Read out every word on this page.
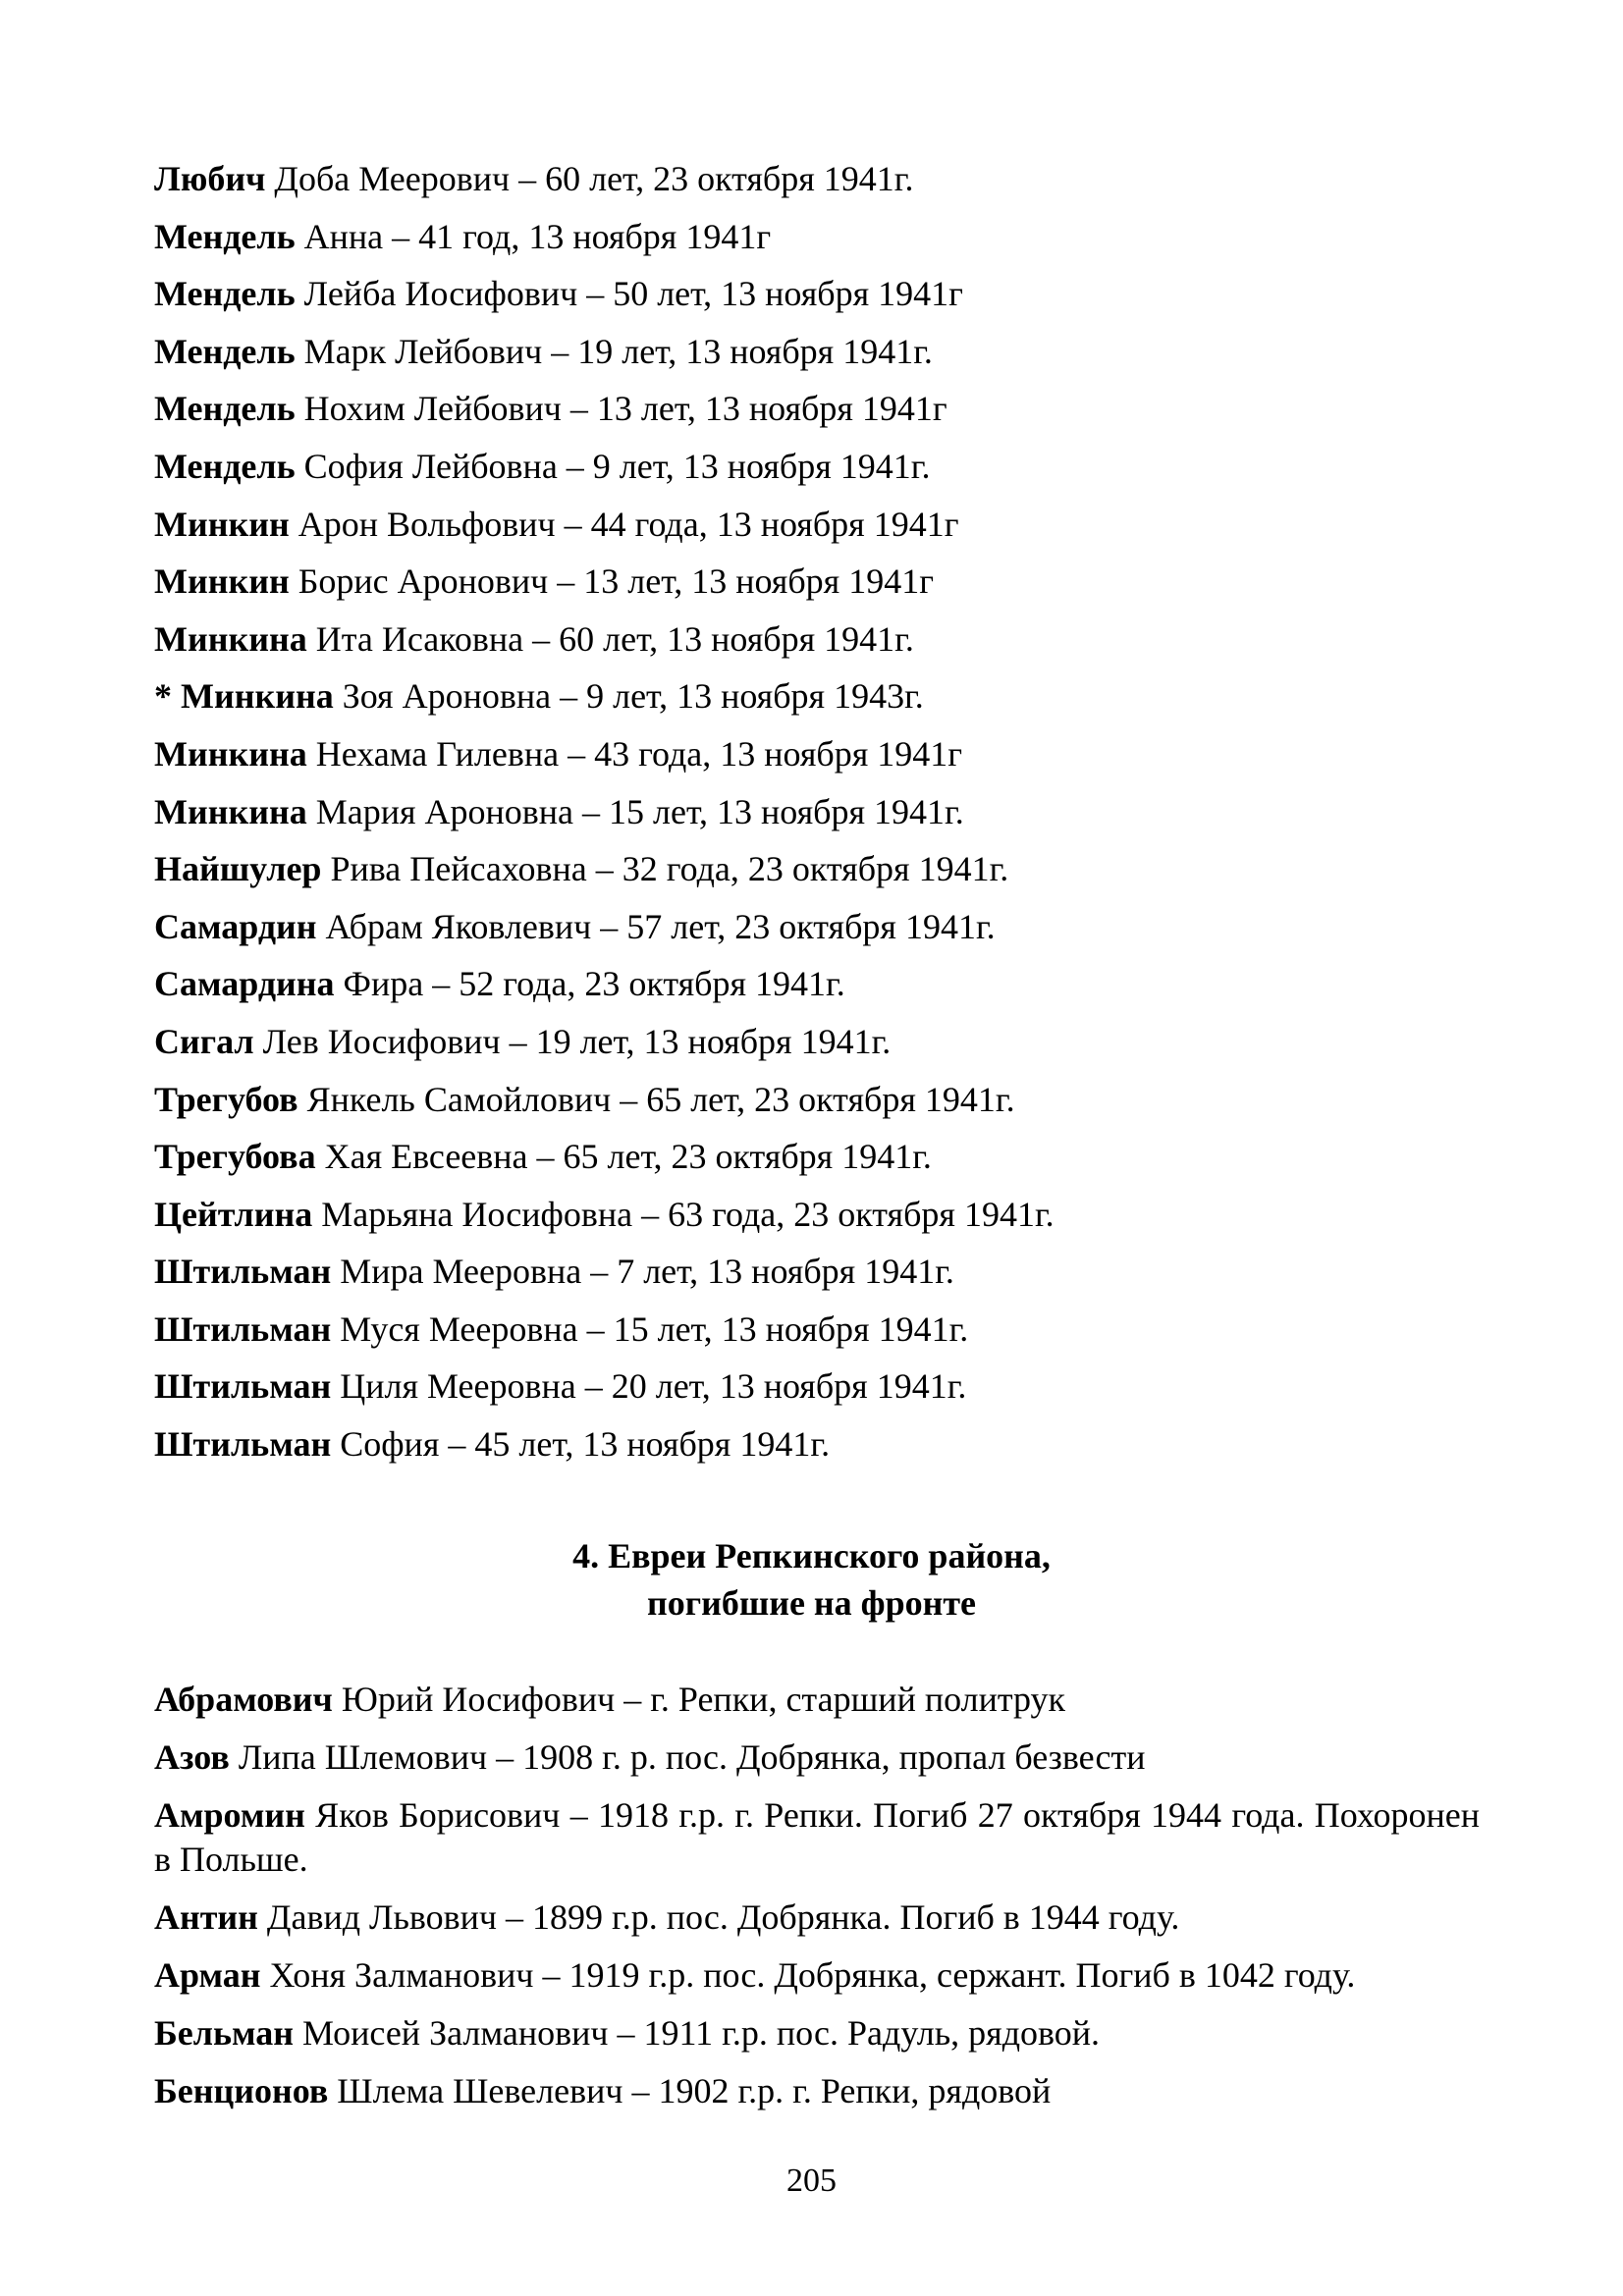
Любич Доба Меерович – 60 лет, 23 октября 1941г.
Мендель Анна – 41 год, 13 ноября 1941г
Мендель Лейба Иосифович – 50 лет, 13 ноября 1941г
Мендель Марк Лейбович – 19 лет, 13 ноября 1941г.
Мендель Нохим Лейбович – 13 лет, 13 ноября 1941г
Мендель София Лейбовна – 9 лет, 13 ноября 1941г.
Минкин Арон Вольфович – 44 года, 13 ноября 1941г
Минкин Борис Аронович – 13 лет, 13 ноября 1941г
Минкина Ита Исаковна – 60 лет, 13 ноября 1941г.
* Минкина Зоя Ароновна – 9 лет, 13 ноября 1943г.
Минкина Нехама Гилевна – 43 года, 13 ноября 1941г
Минкина Мария Ароновна – 15 лет, 13 ноября 1941г.
Найшулер Рива Пейсаховна – 32 года, 23 октября 1941г.
Самардин Абрам Яковлевич – 57 лет, 23 октября 1941г.
Самардина Фира – 52 года, 23 октября 1941г.
Сигал Лев Иосифович – 19 лет, 13 ноября 1941г.
Трегубов Янкель Самойлович – 65 лет, 23 октября 1941г.
Трегубова Хая Евсеевна – 65 лет, 23 октября 1941г.
Цейтлина Марьяна Иосифовна – 63 года, 23 октября 1941г.
Штильман Мира Мееровна – 7 лет, 13 ноября 1941г.
Штильман Муся Мееровна – 15 лет, 13 ноября 1941г.
Штильман Циля Мееровна – 20 лет, 13 ноября 1941г.
Штильман София – 45 лет, 13 ноября 1941г.
4. Евреи Репкинского района,
погибшие на фронте
Абрамович Юрий Иосифович – г. Репки, старший политрук
Азов Липа Шлемович – 1908 г. р. пос. Добрянка, пропал безвести
Амромин Яков Борисович – 1918 г.р. г. Репки. Погиб 27 октября 1944 года. Похоронен в Польше.
Антин Давид Львович – 1899 г.р. пос. Добрянка. Погиб в 1944 году.
Арман Хоня Залманович – 1919 г.р. пос. Добрянка, сержант. Погиб в 1042 году.
Бельман Моисей Залманович – 1911 г.р. пос. Радуль, рядовой.
Бенционов Шлема Шевелевич – 1902 г.р. г. Репки, рядовой
205
